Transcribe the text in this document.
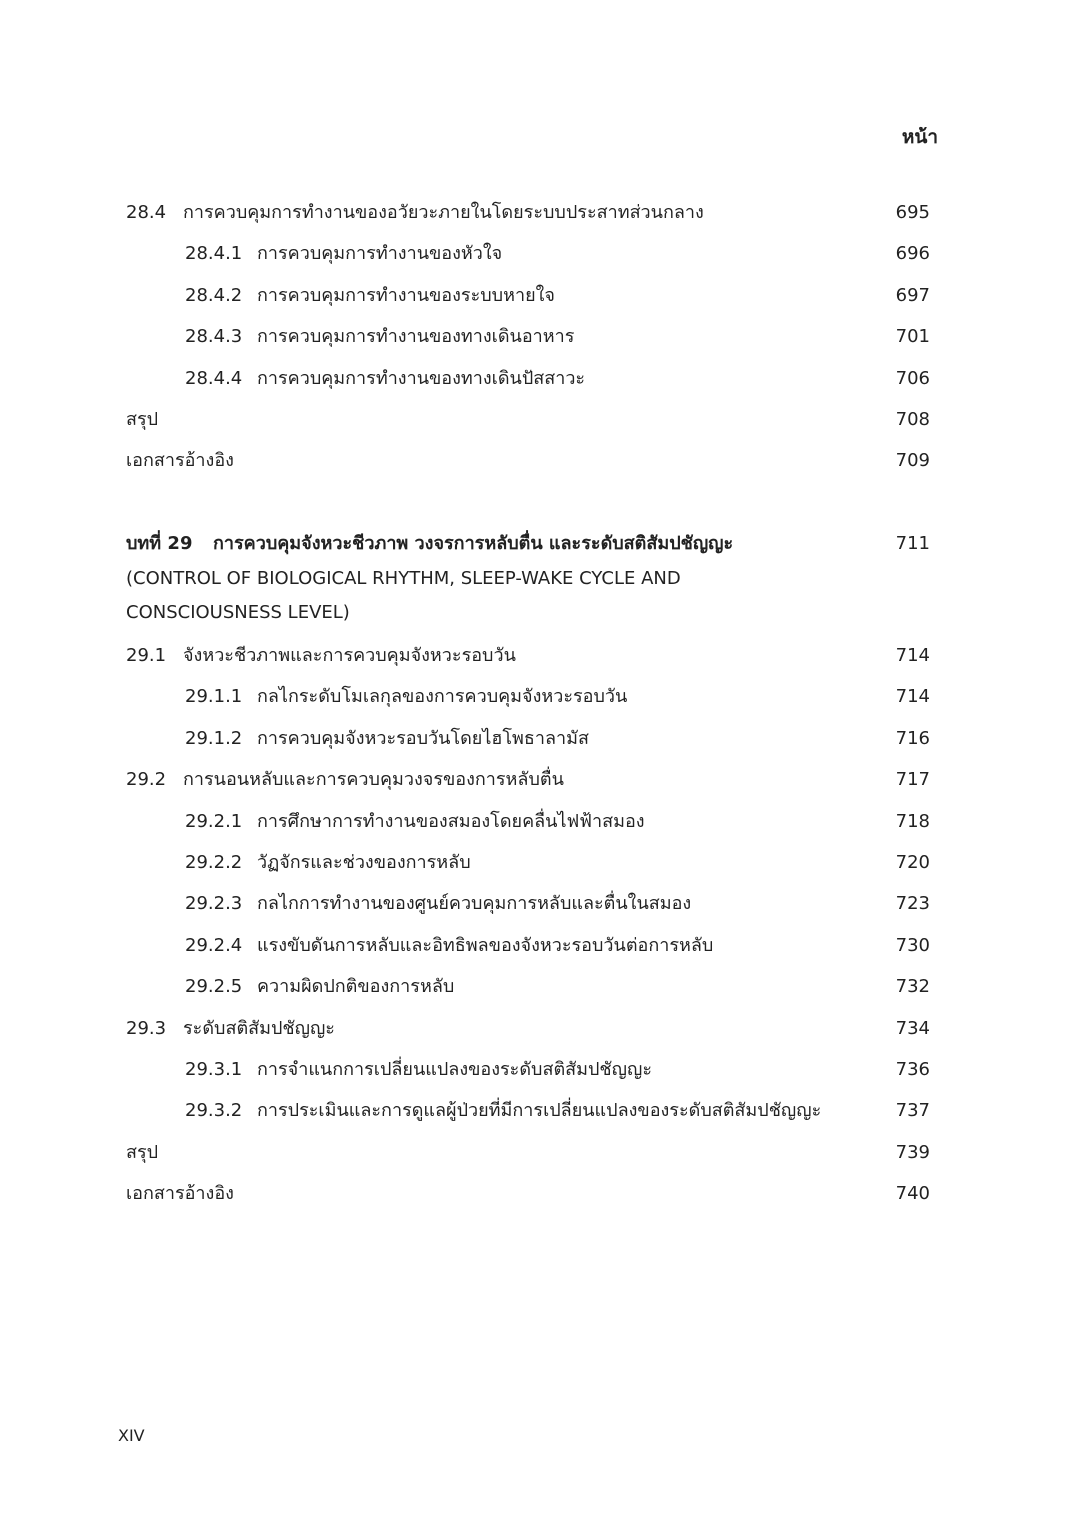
หน้า
28.4 การควบคุมการทำงานของอวัยวะภายในโดยระบบประสาทส่วนกลาง	695
28.4.1 การควบคุมการทำงานของหัวใจ	696
28.4.2 การควบคุมการทำงานของระบบหายใจ	697
28.4.3 การควบคุมการทำงานของทางเดินอาหาร	701
28.4.4 การควบคุมการทำงานของทางเดินปัสสาวะ	706
สรุป	708
เอกสารอ้างอิง	709
บทที่ 29 การควบคุมจังหวะชีวภาพ วงจรการหลับตื่น และระดับสติสัมปชัญญะ	711
(CONTROL OF BIOLOGICAL RHYTHM, SLEEP-WAKE CYCLE AND
CONSCIOUSNESS LEVEL)
29.1 จังหวะชีวภาพและการควบคุมจังหวะรอบวัน	714
29.1.1 กลไกระดับโมเลกุลของการควบคุมจังหวะรอบวัน	714
29.1.2 การควบคุมจังหวะรอบวันโดยไฮโพธาลามัส	716
29.2 การนอนหลับและการควบคุมวงจรของการหลับตื่น	717
29.2.1 การศึกษาการทำงานของสมองโดยคลื่นไฟฟ้าสมอง	718
29.2.2 วัฏจักรและช่วงของการหลับ	720
29.2.3 กลไกการทำงานของศูนย์ควบคุมการหลับและตื่นในสมอง	723
29.2.4 แรงขับดันการหลับและอิทธิพลของจังหวะรอบวันต่อการหลับ	730
29.2.5 ความผิดปกติของการหลับ	732
29.3 ระดับสติสัมปชัญญะ	734
29.3.1 การจำแนกการเปลี่ยนแปลงของระดับสติสัมปชัญญะ	736
29.3.2 การประเมินและการดูแลผู้ป่วยที่มีการเปลี่ยนแปลงของระดับสติสัมปชัญญะ	737
สรุป	739
เอกสารอ้างอิง	740
XIV
